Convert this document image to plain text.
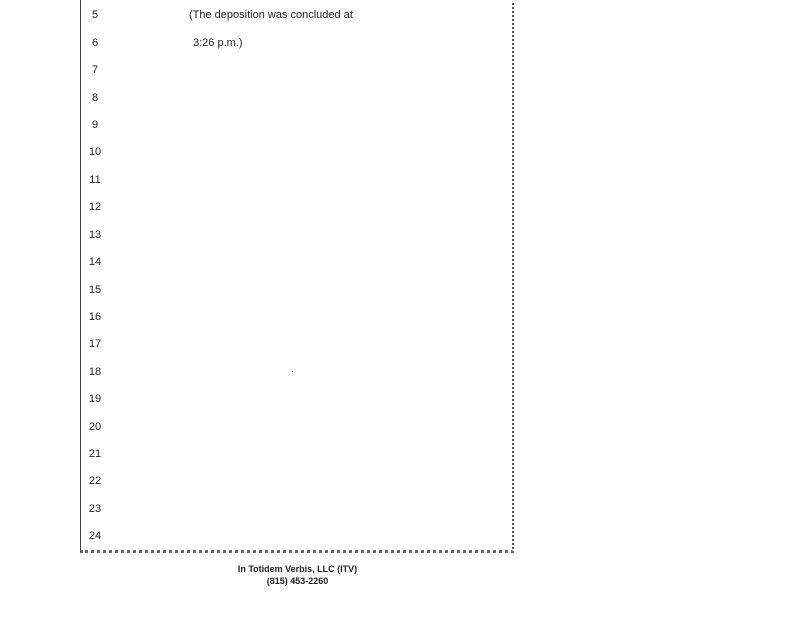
5
6
7
8
9
10
11
12
13
14
15
16
17
18
19
20
21
22
23
24
(The deposition was concluded at
3:26 p.m.)
In Totidem Verbis, LLC (ITV)
(815) 453-2260
